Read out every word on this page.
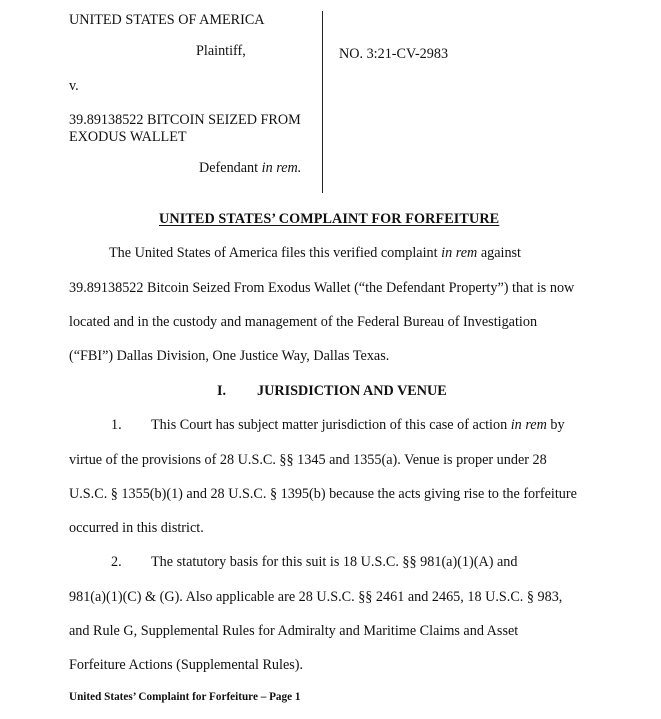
UNITED STATES OF AMERICA
Plaintiff,	NO. 3:21-CV-2983
v.
39.89138522 BITCOIN SEIZED FROM
EXODUS WALLET
Defendant in rem.
UNITED STATES’ COMPLAINT FOR FORFEITURE
The United States of America files this verified complaint in rem against
39.89138522 Bitcoin Seized From Exodus Wallet (“the Defendant Property”) that is now
located and in the custody and management of the Federal Bureau of Investigation
(“FBI”) Dallas Division, One Justice Way, Dallas Texas.
I. JURISDICTION AND VENUE
1. This Court has subject matter jurisdiction of this case of action in rem by
virtue of the provisions of 28 U.S.C. §§ 1345 and 1355(a). Venue is proper under 28
U.S.C. § 1355(b)(1) and 28 U.S.C. § 1395(b) because the acts giving rise to the forfeiture
occurred in this district.
2. The statutory basis for this suit is 18 U.S.C. §§ 981(a)(1)(A) and
981(a)(1)(C) & (G). Also applicable are 28 U.S.C. §§ 2461 and 2465, 18 U.S.C. § 983,
and Rule G, Supplemental Rules for Admiralty and Maritime Claims and Asset
Forfeiture Actions (Supplemental Rules).
United States’ Complaint for Forfeiture – Page 1
